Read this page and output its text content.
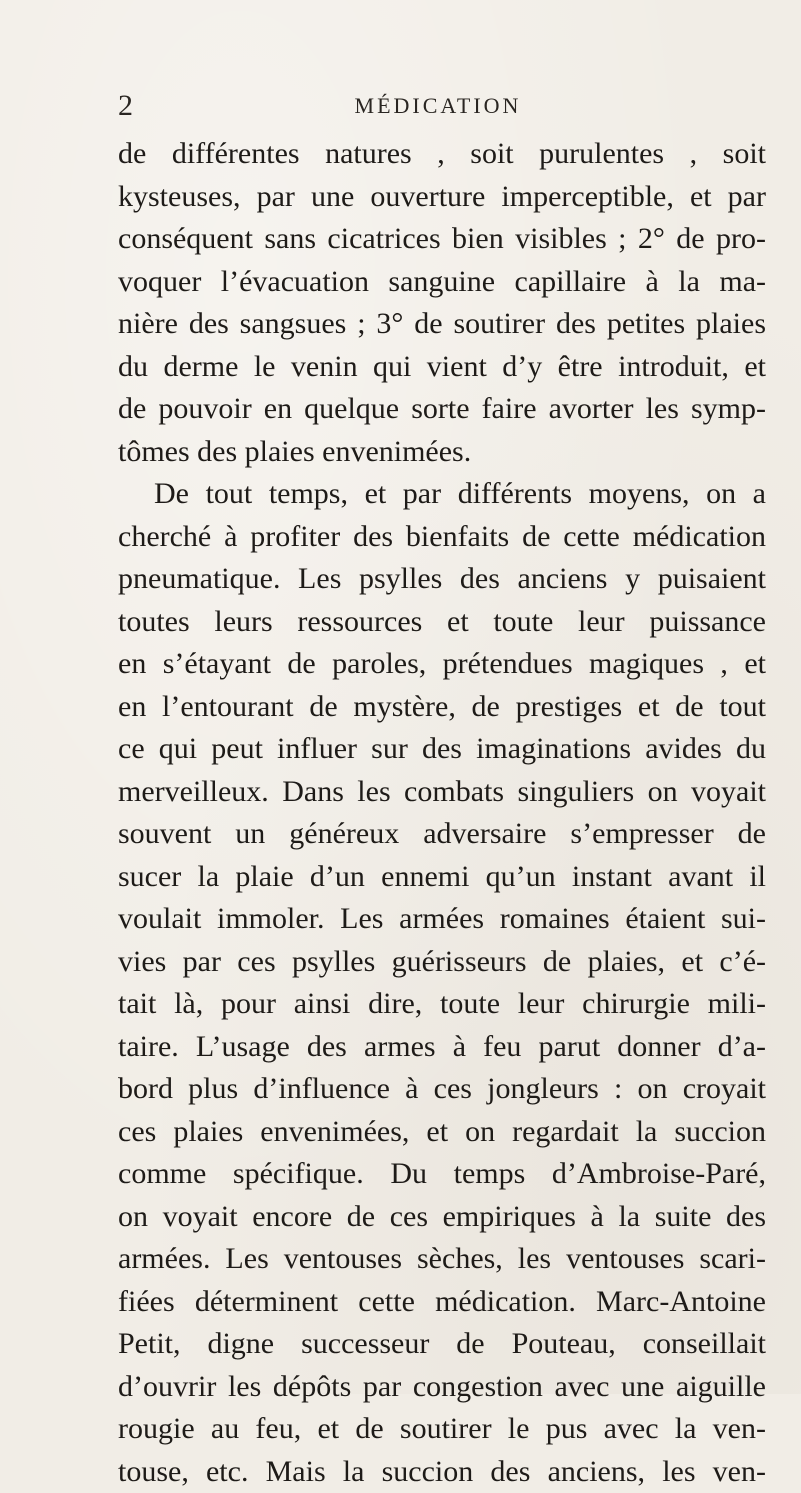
2	MÉDICATION
de différentes natures , soit purulentes , soit
kysteuses, par une ouverture imperceptible, et par
conséquent sans cicatrices bien visibles ; 2° de pro-
voquer l’évacuation sanguine capillaire à la ma-
nière des sangsues ; 3° de soutirer des petites plaies
du derme le venin qui vient d’y être introduit, et
de pouvoir en quelque sorte faire avorter les symp-
tômes des plaies envenimées.
De tout temps, et par différents moyens, on a
cherché à profiter des bienfaits de cette médication
pneumatique. Les psylles des anciens y puisaient
toutes leurs ressources et toute leur puissance
en s’étayant de paroles, prétendues magiques , et
en l’entourant de mystère, de prestiges et de tout
ce qui peut influer sur des imaginations avides du
merveilleux. Dans les combats singuliers on voyait
souvent un généreux adversaire s’empresser de
sucer la plaie d’un ennemi qu’un instant avant il
voulait immoler. Les armées romaines étaient sui-
vies par ces psylles guérisseurs de plaies, et c’é-
tait là, pour ainsi dire, toute leur chirurgie mili-
taire. L’usage des armes à feu parut donner d’a-
bord plus d’influence à ces jongleurs : on croyait
ces plaies envenimées, et on regardait la succion
comme spécifique. Du temps d’Ambroise-Paré,
on voyait encore de ces empiriques à la suite des
armées. Les ventouses sèches, les ventouses scari-
fiées déterminent cette médication. Marc-Antoine
Petit, digne successeur de Pouteau, conseillait
d’ouvrir les dépôts par congestion avec une aiguille
rougie au feu, et de soutirer le pus avec la ven-
touse, etc. Mais la succion des anciens, les ven-
